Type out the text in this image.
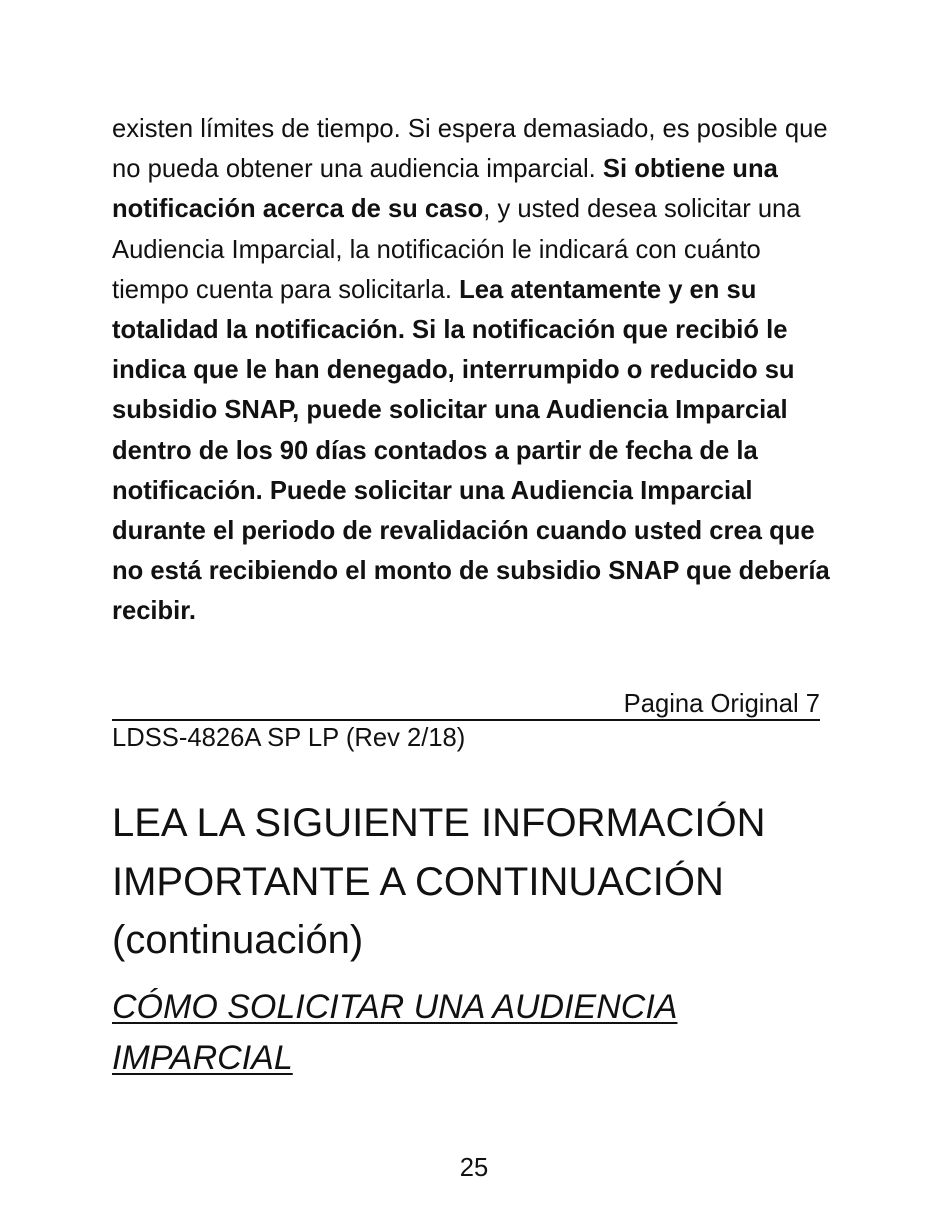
existen límites de tiempo. Si espera demasiado, es posible que no pueda obtener una audiencia imparcial. Si obtiene una notificación acerca de su caso, y usted desea solicitar una Audiencia Imparcial, la notificación le indicará con cuánto tiempo cuenta para solicitarla. Lea atentamente y en su totalidad la notificación. Si la notificación que recibió le indica que le han denegado, interrumpido o reducido su subsidio SNAP, puede solicitar una Audiencia Imparcial dentro de los 90 días contados a partir de fecha de la notificación. Puede solicitar una Audiencia Imparcial durante el periodo de revalidación cuando usted crea que no está recibiendo el monto de subsidio SNAP que debería recibir.

Pagina Original 7
LDSS-4826A SP LP (Rev 2/18)
LEA LA SIGUIENTE INFORMACIÓN IMPORTANTE A CONTINUACIÓN (continuación)
CÓMO SOLICITAR UNA AUDIENCIA IMPARCIAL
25
